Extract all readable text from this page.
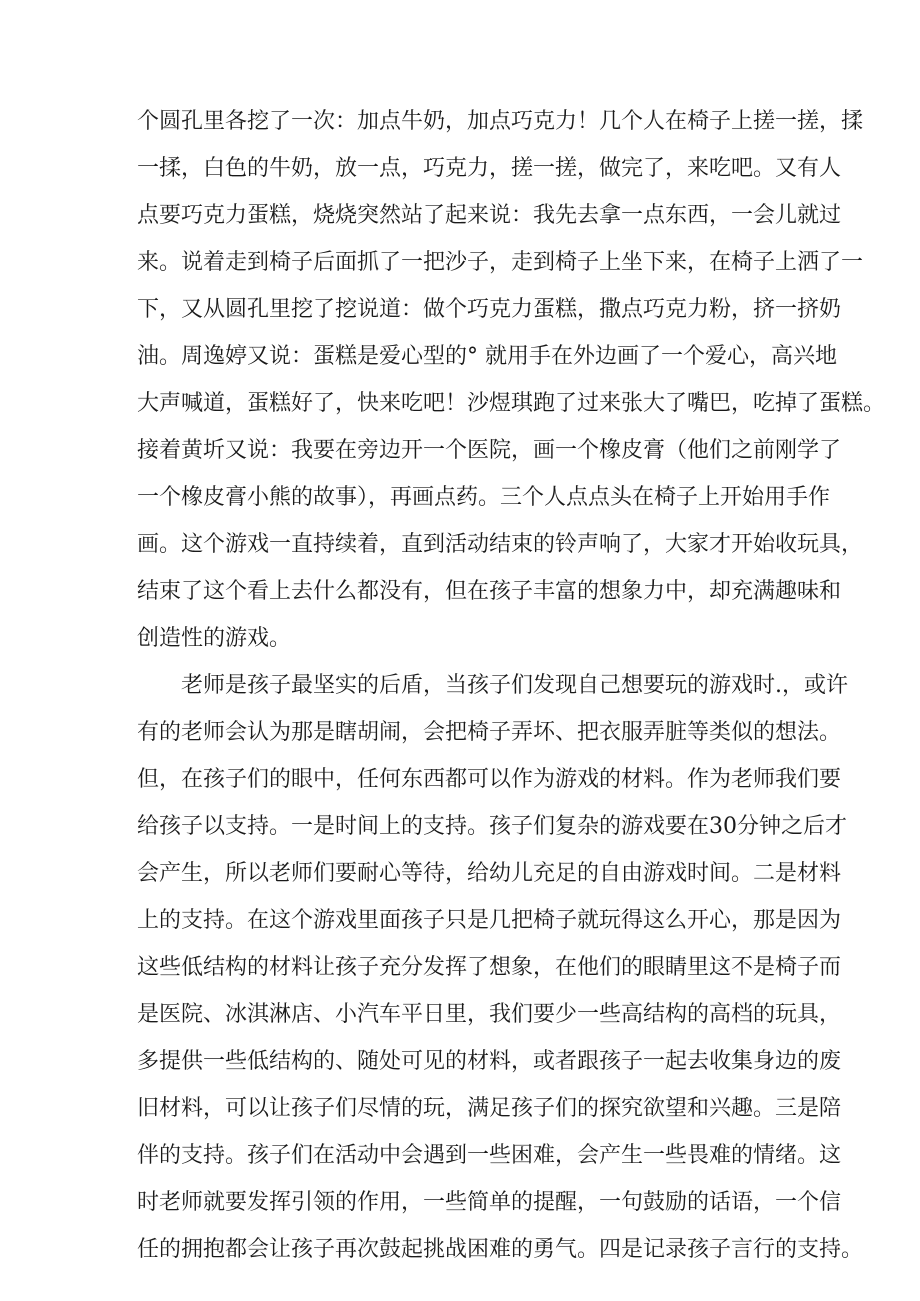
个圆孔里各挖了一次：加点牛奶，加点巧克力！几个人在椅子上搓一搓，揉
一揉，白色的牛奶，放一点，巧克力，搓一搓，做完了，来吃吧。又有人
点要巧克力蛋糕，烧烧突然站了起来说：我先去拿一点东西，一会儿就过
来。说着走到椅子后面抓了一把沙子，走到椅子上坐下来，在椅子上洒了一
下，又从圆孔里挖了挖说道：做个巧克力蛋糕，撒点巧克力粉，挤一挤奶
油。周逸婷又说：蛋糕是爱心型的° 就用手在外边画了一个爱心，高兴地
大声喊道，蛋糕好了，快来吃吧！沙煜琪跑了过来张大了嘴巴，吃掉了蛋糕。
接着黄圻又说：我要在旁边开一个医院，画一个橡皮膏（他们之前刚学了
一个橡皮膏小熊的故事），再画点药。三个人点点头在椅子上开始用手作
画。这个游戏一直持续着，直到活动结束的铃声响了，大家才开始收玩具，
结束了这个看上去什么都没有，但在孩子丰富的想象力中，却充满趣味和
创造性的游戏。
老师是孩子最坚实的后盾，当孩子们发现自己想要玩的游戏时.，或许
有的老师会认为那是瞎胡闹，会把椅子弄坏、把衣服弄脏等类似的想法。
但，在孩子们的眼中，任何东西都可以作为游戏的材料。作为老师我们要
给孩子以支持。一是时间上的支持。孩子们复杂的游戏要在30分钟之后才
会产生，所以老师们要耐心等待，给幼儿充足的自由游戏时间。二是材料
上的支持。在这个游戏里面孩子只是几把椅子就玩得这么开心，那是因为
这些低结构的材料让孩子充分发挥了想象，在他们的眼睛里这不是椅子而
是医院、冰淇淋店、小汽车平日里，我们要少一些高结构的高档的玩具，
多提供一些低结构的、随处可见的材料，或者跟孩子一起去收集身边的废
旧材料，可以让孩子们尽情的玩，满足孩子们的探究欲望和兴趣。三是陪
伴的支持。孩子们在活动中会遇到一些困难，会产生一些畏难的情绪。这
时老师就要发挥引领的作用，一些简单的提醒，一句鼓励的话语，一个信
任的拥抱都会让孩子再次鼓起挑战困难的勇气。四是记录孩子言行的支持。
